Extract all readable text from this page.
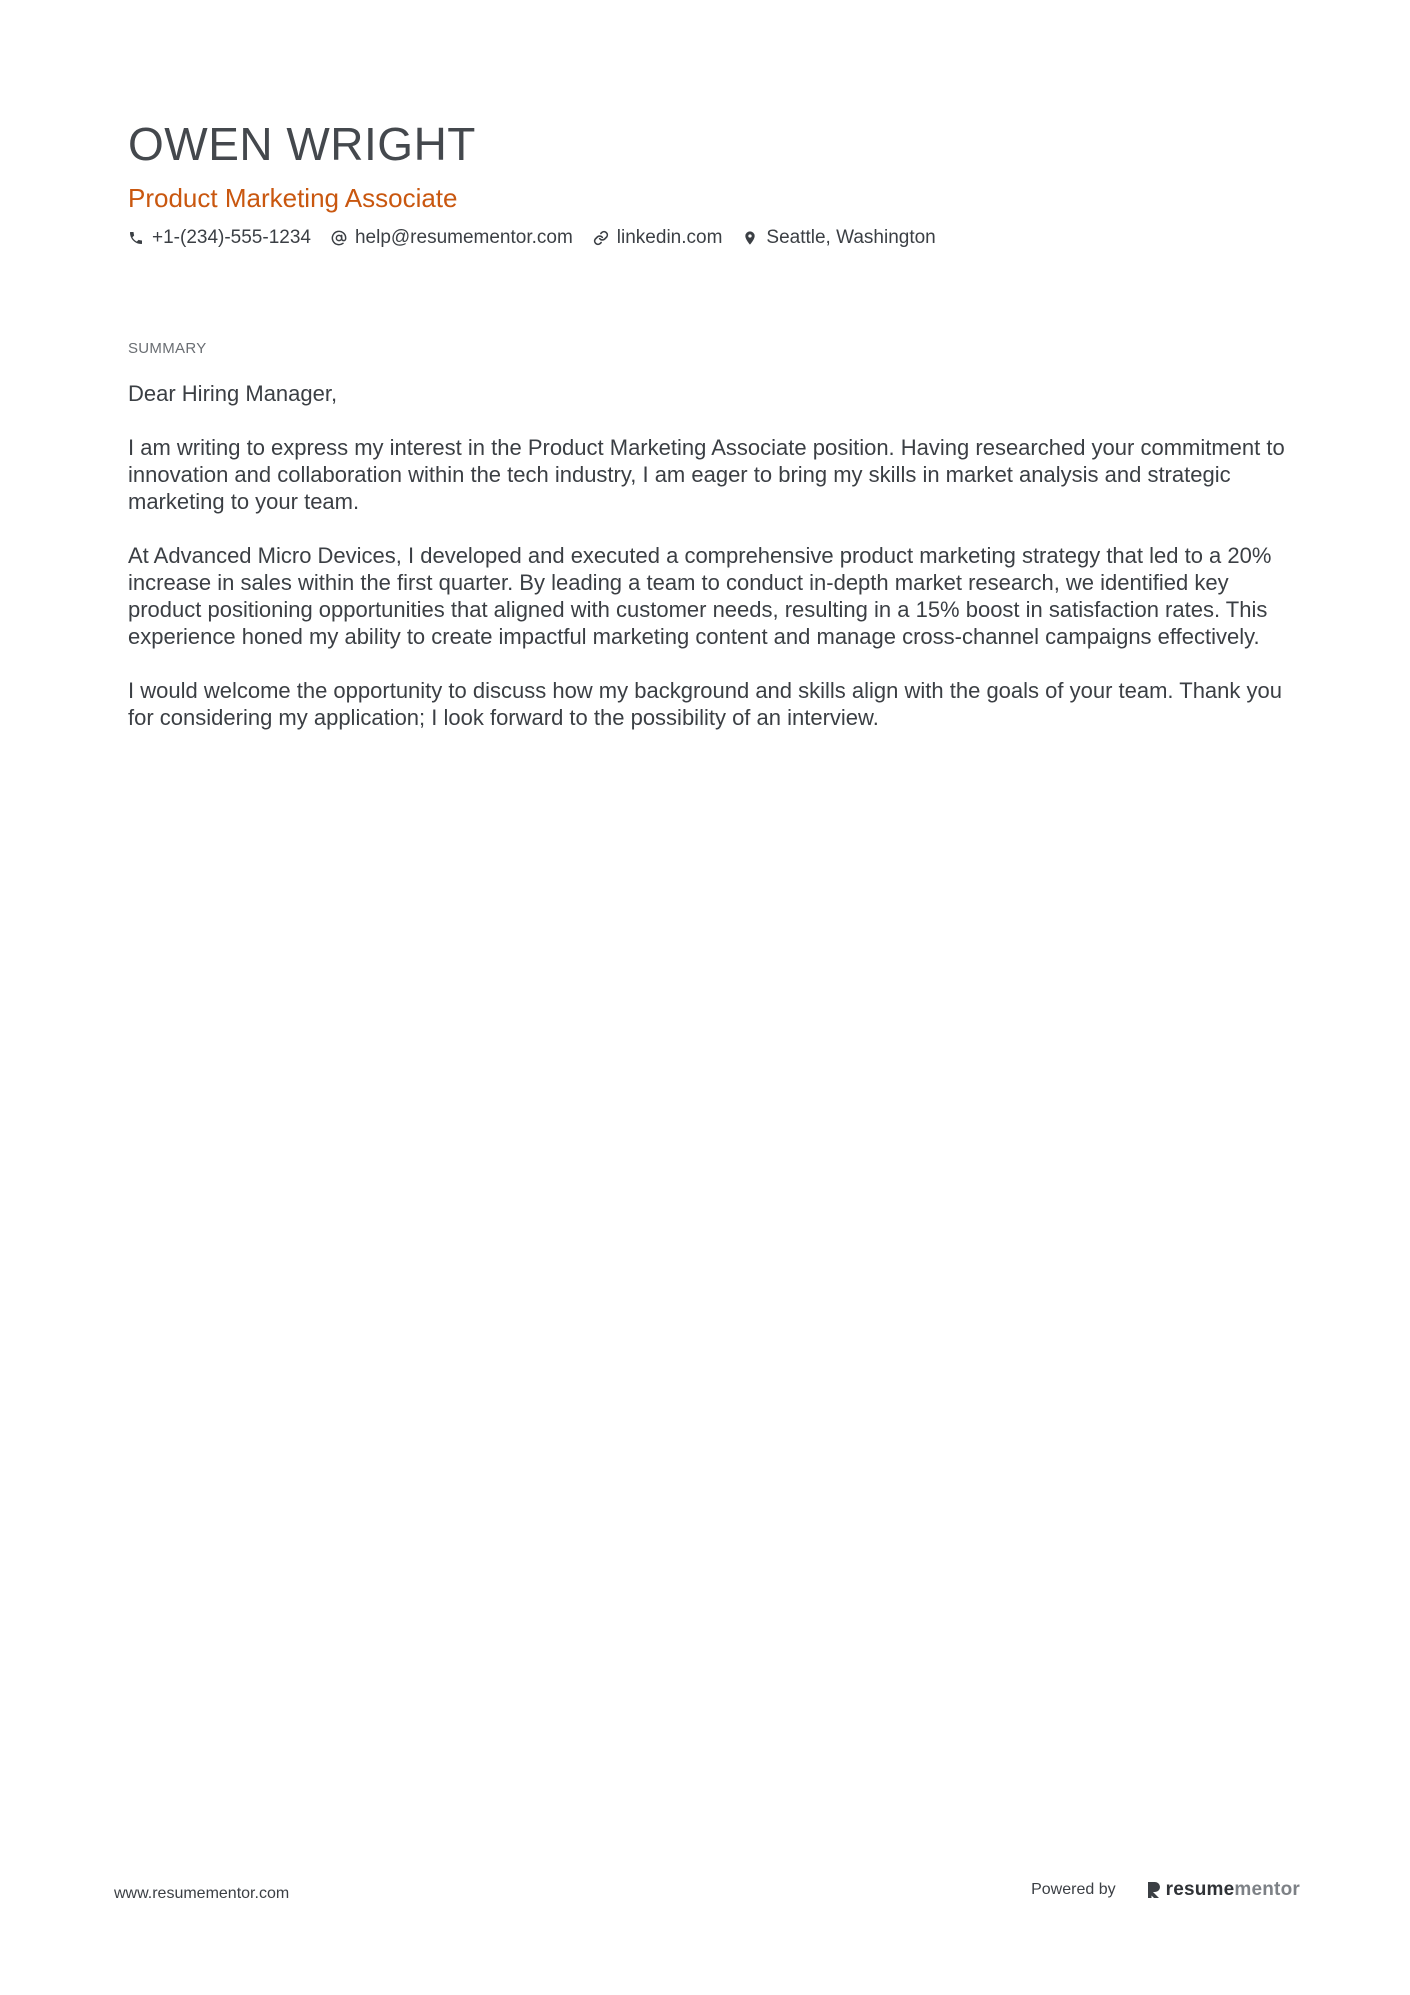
OWEN WRIGHT
Product Marketing Associate
+1-(234)-555-1234 help@resumementor.com linkedin.com Seattle, Washington
SUMMARY

Dear Hiring Manager,

I am writing to express my interest in the Product Marketing Associate position. Having researched your commitment to innovation and collaboration within the tech industry, I am eager to bring my skills in market analysis and strategic marketing to your team.

At Advanced Micro Devices, I developed and executed a comprehensive product marketing strategy that led to a 20% increase in sales within the first quarter. By leading a team to conduct in-depth market research, we identified key product positioning opportunities that aligned with customer needs, resulting in a 15% boost in satisfaction rates. This experience honed my ability to create impactful marketing content and manage cross-channel campaigns effectively.

I would welcome the opportunity to discuss how my background and skills align with the goals of your team. Thank you for considering my application; I look forward to the possibility of an interview.

www.resumementor.com	Powered by	resume mentor
